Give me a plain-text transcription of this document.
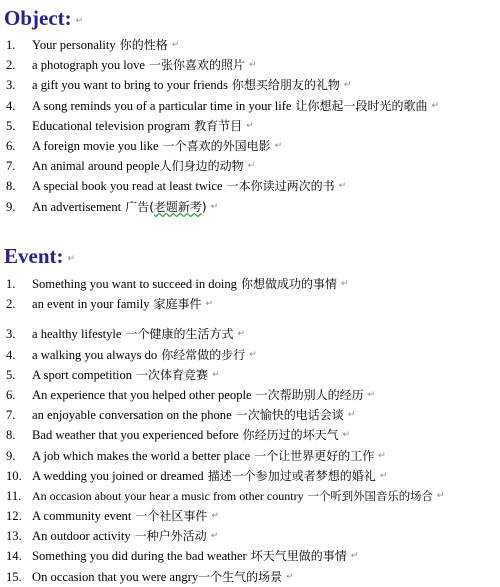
Object: ↵
1.	Your personality 你的性格 ↵
2.	a photograph you love 一张你喜欢的照片 ↵
3.	a gift you want to bring to your friends 你想买给朋友的礼物 ↵
4.	A song reminds you of a particular time in your life 让你想起一段时光的歌曲 ↵
5.	Educational television program 教育节目 ↵
6.	A foreign movie you like 一个喜欢的外国电影 ↵
7.	An animal around people人们身边的动物 ↵
8.	A special book you read at least twice 一本你读过两次的书 ↵
9.	An advertisement 广告(老题新考) ↵
Event: ↵
1.	Something you want to succeed in doing 你想做成功的事情 ↵
2.	an event in your family 家庭事件 ↵
3.	a healthy lifestyle 一个健康的生活方式 ↵
4.	a walking you always do 你经常做的步行 ↵
5.	A sport competition 一次体育竞赛 ↵
6.	An experience that you helped other people 一次帮助别人的经历 ↵
7.	an enjoyable conversation on the phone 一次愉快的电话会谈 ↵
8.	Bad weather that you experienced before 你经历过的坏天气 ↵
9.	A job which makes the world a better place 一个让世界更好的工作 ↵
10. A wedding you joined or dreamed 描述一个参加过或者梦想的婚礼 ↵
11. An occasion about your hear a music from other country 一个听到外国音乐的场合 ↵
12. A community event 一个社区事件 ↵
13. An outdoor activity 一种户外活动 ↵
14. Something you did during the bad weather 坏天气里做的事情 ↵
15. On occasion that you were angry一个生气的场景 ↵
